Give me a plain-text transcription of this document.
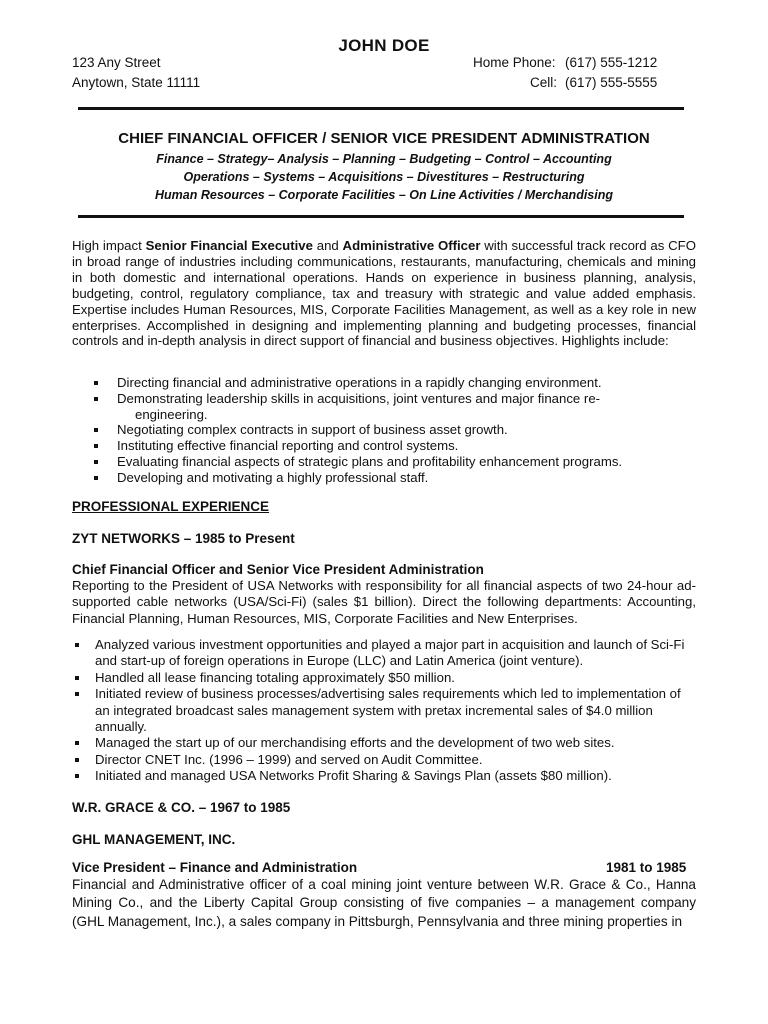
JOHN DOE
123 Any Street
Anytown, State 11111
Home Phone: (617) 555-1212
Cell: (617) 555-5555
CHIEF FINANCIAL OFFICER / SENIOR VICE PRESIDENT ADMINISTRATION
Finance – Strategy– Analysis – Planning – Budgeting – Control – Accounting
Operations – Systems – Acquisitions – Divestitures – Restructuring
Human Resources – Corporate Facilities – On Line Activities / Merchandising
High impact Senior Financial Executive and Administrative Officer with successful track record as CFO in broad range of industries including communications, restaurants, manufacturing, chemicals and mining in both domestic and international operations. Hands on experience in business planning, analysis, budgeting, control, regulatory compliance, tax and treasury with strategic and value added emphasis. Expertise includes Human Resources, MIS, Corporate Facilities Management, as well as a key role in new enterprises. Accomplished in designing and implementing planning and budgeting processes, financial controls and in-depth analysis in direct support of financial and business objectives. Highlights include:
Directing financial and administrative operations in a rapidly changing environment.
Demonstrating leadership skills in acquisitions, joint ventures and major finance re-
engineering.
Negotiating complex contracts in support of business asset growth.
Instituting effective financial reporting and control systems.
Evaluating financial aspects of strategic plans and profitability enhancement programs.
Developing and motivating a highly professional staff.
PROFESSIONAL EXPERIENCE
ZYT NETWORKS – 1985 to Present
Chief Financial Officer and Senior Vice President Administration
Reporting to the President of USA Networks with responsibility for all financial aspects of two 24-hour ad-supported cable networks (USA/Sci-Fi) (sales $1 billion). Direct the following departments: Accounting, Financial Planning, Human Resources, MIS, Corporate Facilities and New Enterprises.
Analyzed various investment opportunities and played a major part in acquisition and launch of Sci-Fi and start-up of foreign operations in Europe (LLC) and Latin America (joint venture).
Handled all lease financing totaling approximately $50 million.
Initiated review of business processes/advertising sales requirements which led to implementation of an integrated broadcast sales management system with pretax incremental sales of $4.0 million annually.
Managed the start up of our merchandising efforts and the development of two web sites.
Director CNET Inc. (1996 – 1999) and served on Audit Committee.
Initiated and managed USA Networks Profit Sharing & Savings Plan (assets $80 million).
W.R. GRACE & CO. – 1967 to 1985
GHL MANAGEMENT, INC.
Vice President – Finance and Administration	1981 to 1985
Financial and Administrative officer of a coal mining joint venture between W.R. Grace & Co., Hanna Mining Co., and the Liberty Capital Group consisting of five companies – a management company (GHL Management, Inc.), a sales company in Pittsburgh, Pennsylvania and three mining properties in
